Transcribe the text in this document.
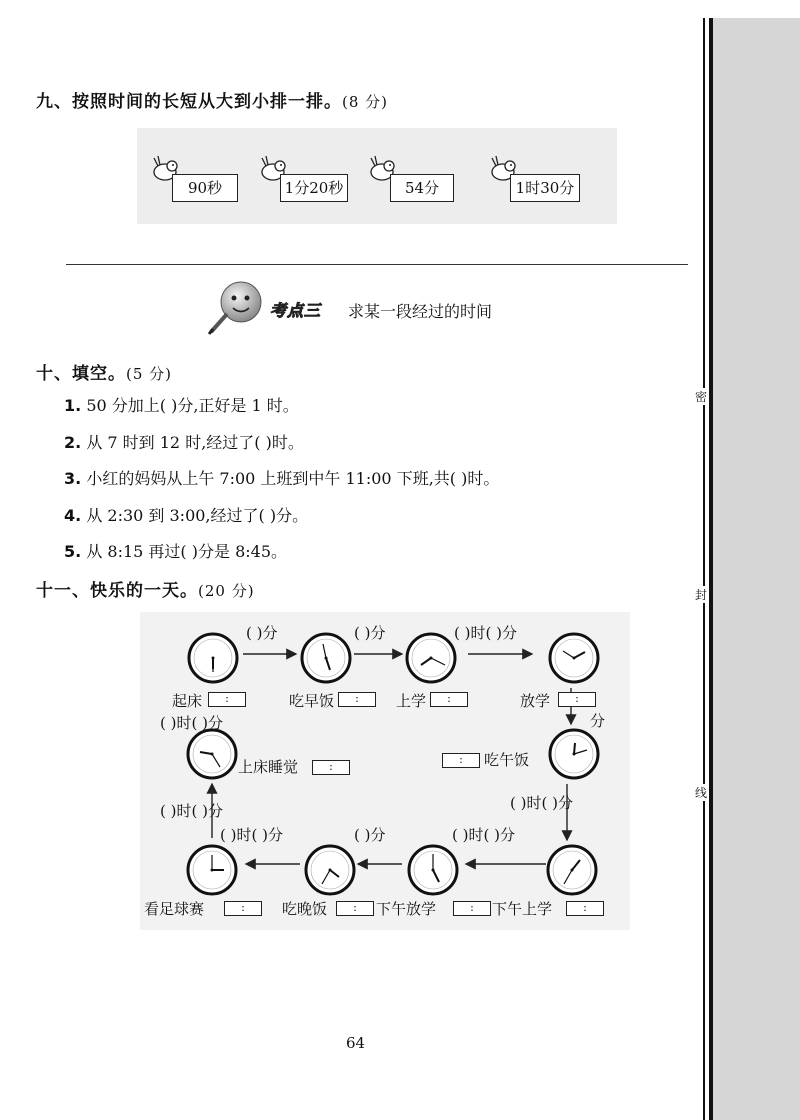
密
封
线
九、按照时间的长短从大到小排一排。(8 分)
90秒	1分20秒	54分	1时30分
考点三 求某一段经过的时间
十、填空。(5 分)
1. 50 分加上( )分,正好是 1 时。
2. 从 7 时到 12 时,经过了( )时。
3. 小红的妈妈从上午 7:00 上班到中午 11:00 下班,共( )时。
4. 从 2:30 到 3:00,经过了( )分。
5. 从 8:15 再过( )分是 8:45。
十一、快乐的一天。(20 分)
( )分	( )分	( )时( )分
分
起床	:	吃早饭	:	上学	:	放学	:
( )时( )分
上床睡觉	:
:	吃午饭
( )时( )分
( )时( )分
( )时( )分	( )分	( )时( )分
看足球赛	:	吃晚饭	:	下午放学	:	下午上学	:
64
